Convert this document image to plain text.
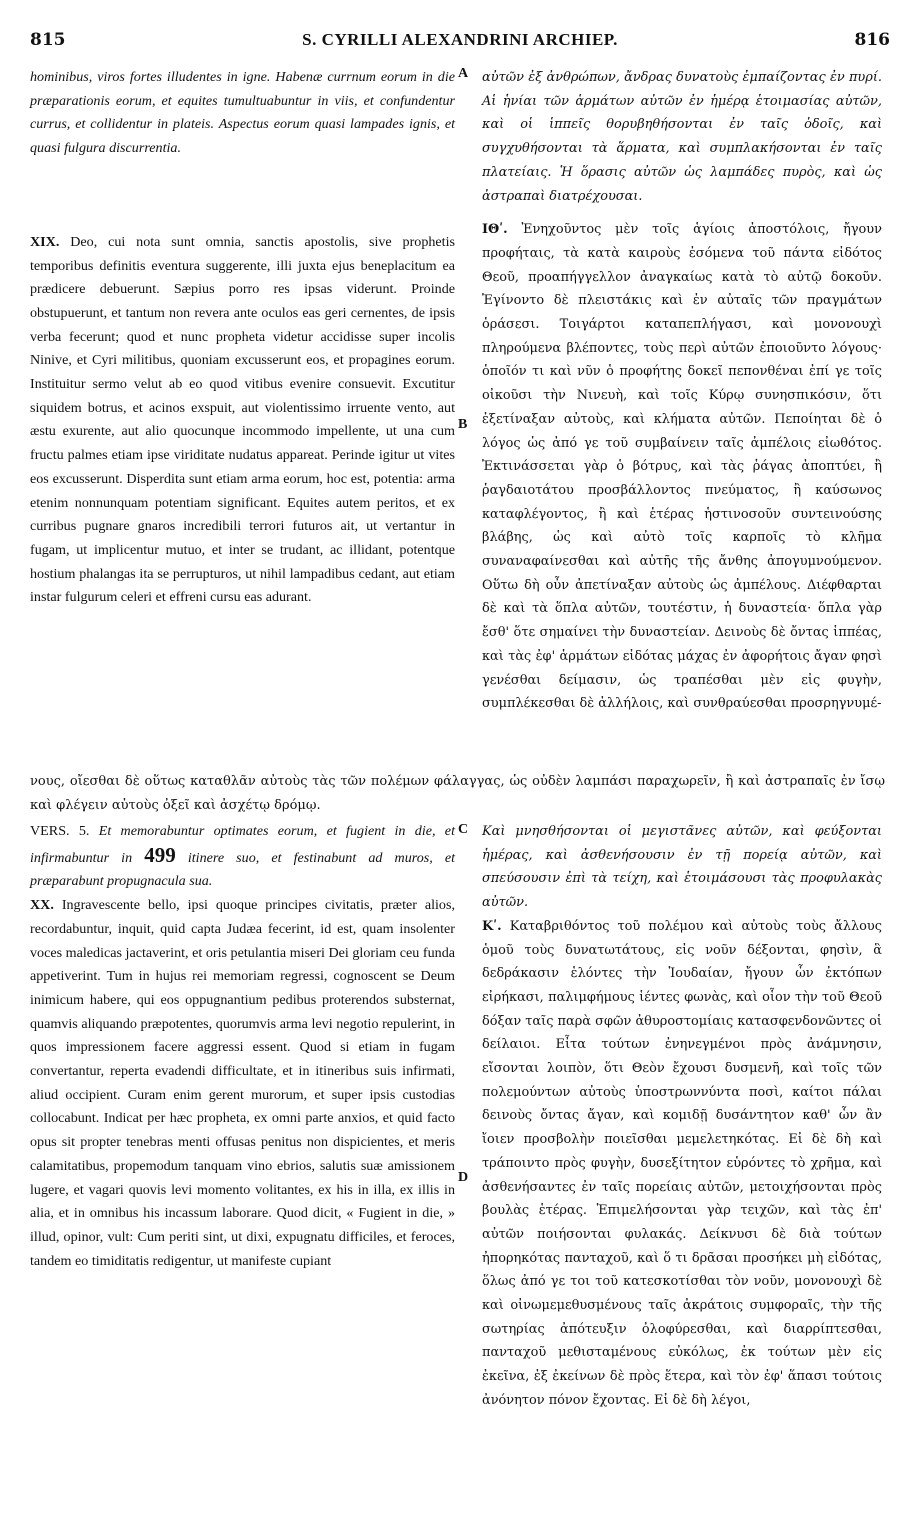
815	S. CYRILLI ALEXANDRINI ARCHIEP.	816
A
B
C
D

hominibus, viros fortes illudentes in igne. Habenæ currnum eorum in die præparationis eorum, et equites tumultuabuntur in viis, et confundentur currus, et collidentur in plateis. Aspectus eorum quasi lampades ignis, et quasi fulgura discurrentia.

XIX. Deo, cui nota sunt omnia, sanctis apostolis, sive prophetis temporibus definitis eventura suggerente, illi juxta ejus beneplacitum ea prædicere debuerunt. Sæpius porro res ipsas viderunt. Proinde obstupuerunt, et tantum non revera ante oculos eas geri cernentes, de ipsis verba fecerunt; quod et nunc propheta videtur accidisse super incolis Ninive, et Cyri militibus, quoniam excusserunt eos, et propagines eorum. Instituitur sermo velut ab eo quod vitibus evenire consuevit. Excutitur siquidem botrus, et acinos exspuit, aut violentissimo irruente vento, aut æstu exurente, aut alio quocunque incommodo impellente, ut una cum fructu palmes etiam ipse viriditate nudatus appareat. Perinde igitur ut vites eos excusserunt. Disperdita sunt etiam arma eorum, hoc est, potentia: arma etenim nonnunquam potentiam significant. Equites autem peritos, et ex curribus pugnare gnaros incredibili terrori futuros ait, ut vertantur in fugam, ut implicentur mutuo, et inter se trudant, ac illidant, potentque hostium phalangas ita se perrupturos, ut nihil lampadibus cedant, aut etiam instar fulgurum celeri et effreni cursu eas adurant.

αὐτῶν ἐξ ἀνθρώπων, ἄνδρας δυνατοὺς ἐμπαίζοντας ἐν πυρί. Αἱ ἡνίαι τῶν ἁρμάτων αὐτῶν ἐν ἡμέρᾳ ἑτοιμασίας αὐτῶν, καὶ οἱ ἱππεῖς θορυβηθήσονται ἐν ταῖς ὁδοῖς, καὶ συγχυθήσονται τὰ ἅρματα, καὶ συμπλακήσονται ἐν ταῖς πλατείαις. Ἡ ὅρασις αὐτῶν ὡς λαμπάδες πυρὸς, καὶ ὡς ἀστραπαὶ διατρέχουσαι.

ΙΘʹ. Ἐνηχοῦντος μὲν τοῖς ἁγίοις ἀποστόλοις, ἤγουν προφήταις, τὰ κατὰ καιροὺς ἐσόμενα τοῦ πάντα εἰδότος Θεοῦ, προαπήγγελλον ἀναγκαίως κατὰ τὸ αὐτῷ δοκοῦν. Ἐγίνοντο δὲ πλειστάκις καὶ ἐν αὐταῖς τῶν πραγμάτων ὁράσεσι. Τοιγάρτοι καταπεπλήγασι, καὶ μονονουχὶ πληρούμενα βλέποντες, τοὺς περὶ αὐτῶν ἐποιοῦντο λόγους· ὁποῖόν τι καὶ νῦν ὁ προφήτης δοκεῖ πεπονθέναι ἐπί γε τοῖς οἰκοῦσι τὴν Νινευὴ, καὶ τοῖς Κύρῳ συνησπικόσιν, ὅτι ἐξετίναξαν αὐτοὺς, καὶ κλήματα αὐτῶν. Πεποίηται δὲ ὁ λόγος ὡς ἀπό γε τοῦ συμβαίνειν ταῖς ἀμπέλοις εἰωθότος. Ἐκτινάσσεται γὰρ ὁ βότρυς, καὶ τὰς ῥάγας ἀποπτύει, ἢ ῥαγδαιοτάτου προσβάλλοντος πνεύματος, ἢ καύσωνος καταφλέγοντος, ἢ καὶ ἑτέρας ἡστινοσοῦν συντεινούσης βλάβης, ὡς καὶ αὐτὸ τοῖς καρποῖς τὸ κλῆμα συναναφαίνεσθαι καὶ αὐτῆς τῆς ἄνθης ἀπογυμνούμενον. Οὕτω δὴ οὖν ἀπετίναξαν αὐτοὺς ὡς ἀμπέλους. Διέφθαρται δὲ καὶ τὰ ὅπλα αὐτῶν, τουτέστιν, ἡ δυναστεία· ὅπλα γὰρ ἔσθ' ὅτε σημαίνει τὴν δυναστείαν. Δεινοὺς δὲ ὄντας ἱππέας, καὶ τὰς ἐφ' ἁρμάτων εἰδότας μάχας ἐν ἀφορήτοις ἄγαν φησὶ γενέσθαι δείμασιν, ὡς τραπέσθαι μὲν εἰς φυγὴν, συμπλέκεσθαι δὲ ἀλλήλοις, καὶ συνθραύεσθαι προσρηγνυμέ-

νους, οἴεσθαι δὲ οὕτως καταθλᾶν αὐτοὺς τὰς τῶν πολέμων φάλαγγας, ὡς οὐδὲν λαμπάσι παραχωρεῖν, ἢ καὶ ἀστραπαῖς ἐν ἴσῳ καὶ φλέγειν αὐτοὺς ὀξεῖ καὶ ἀσχέτῳ δρόμῳ.

VERS. 5. Et memorabuntur optimates eorum, et fugient in die, et infirmabuntur in 499 itinere suo, et festinabunt ad muros, et præparabunt propugnacula sua.

XX. Ingravescente bello, ipsi quoque principes civitatis, præter alios, recordabuntur, inquit, quid capta Judæa fecerint, id est, quam insolenter voces maledicas jactaverint, et oris petulantia miseri Dei gloriam ceu funda appetiverint. Tum in hujus rei memoriam regressi, cognoscent se Deum inimicum habere, qui eos oppugnantium pedibus proterendos substernat, quamvis aliquando præpotentes, quorumvis arma levi negotio repulerint, in quos impressionem facere aggressi essent. Quod si etiam in fugam convertantur, reperta evadendi difficultate, et in itineribus suis infirmati, aliud occipient. Curam enim gerent murorum, et super ipsis custodias collocabunt. Indicat per hæc propheta, ex omni parte anxios, et quid facto opus sit propter tenebras menti offusas penitus non dispicientes, et meris calamitatibus, propemodum tanquam vino ebrios, salutis suæ amissionem lugere, et vagari quovis levi momento volitantes, ex his in illa, ex illis in alia, et in omnibus his incassum laborare. Quod dicit, « Fugient in die, » illud, opinor, vult: Cum periti sint, ut dixi, expugnatu difficiles, et feroces, tandem eo timiditatis redigentur, ut manifeste cupiant

Καὶ μνησθήσονται οἱ μεγιστᾶνες αὐτῶν, καὶ φεύξονται ἡμέρας, καὶ ἀσθενήσουσιν ἐν τῇ πορείᾳ αὐτῶν, καὶ σπεύσουσιν ἐπὶ τὰ τείχη, καὶ ἑτοιμάσουσι τὰς προφυλακὰς αὐτῶν.

Κʹ. Καταβριθόντος τοῦ πολέμου καὶ αὐτοὺς τοὺς ἄλλους ὁμοῦ τοὺς δυνατωτάτους, εἰς νοῦν δέξονται, φησὶν, ἃ δεδράκασιν ἑλόντες τὴν Ἰουδαίαν, ἤγουν ὧν ἐκτόπων εἰρήκασι, παλιμφήμους ἱέντες φωνὰς, καὶ οἷον τὴν τοῦ Θεοῦ δόξαν ταῖς παρὰ σφῶν ἀθυροστομίαις κατασφενδονῶντες οἱ δείλαιοι. Εἶτα τούτων ἐνηνεγμένοι πρὸς ἀνάμνησιν, εἴσονται λοιπὸν, ὅτι Θεὸν ἔχουσι δυσμενῆ, καὶ τοῖς τῶν πολεμούντων αὐτοὺς ὑποστρωννύντα ποσὶ, καίτοι πάλαι δεινοὺς ὄντας ἄγαν, καὶ κομιδῇ δυσάντητον καθ' ὧν ἂν ἴοιεν προσβολὴν ποιεῖσθαι μεμελετηκότας. Εἰ δὲ δὴ καὶ τράποιντο πρὸς φυγὴν, δυσεξίτητον εὑρόντες τὸ χρῆμα, καὶ ἀσθενήσαντες ἐν ταῖς πορείαις αὐτῶν, μετοιχήσονται πρὸς βουλὰς ἑτέρας. Ἐπιμελήσονται γὰρ τειχῶν, καὶ τὰς ἐπ' αὐτῶν ποιήσονται φυλακάς. Δείκνυσι δὲ διὰ τούτων ἠπορηκότας πανταχοῦ, καὶ ὅ τι δρᾶσαι προσήκει μὴ εἰδότας, ὅλως ἀπό γε τοι τοῦ κατεσκοτίσθαι τὸν νοῦν, μονονουχὶ δὲ καὶ οἰνωμεμεθυσμένους ταῖς ἀκράτοις συμφοραῖς, τὴν τῆς σωτηρίας ἀπότευξιν ὀλοφύρεσθαι, καὶ διαρρίπτεσθαι, πανταχοῦ μεθισταμένους εὐκόλως, ἐκ τούτων μὲν εἰς ἐκεῖνα, ἐξ ἐκείνων δὲ πρὸς ἕτερα, καὶ τὸν ἐφ' ἅπασι τούτοις ἀνόνητον πόνον ἔχοντας. Εἰ δὲ δὴ λέγοι,
